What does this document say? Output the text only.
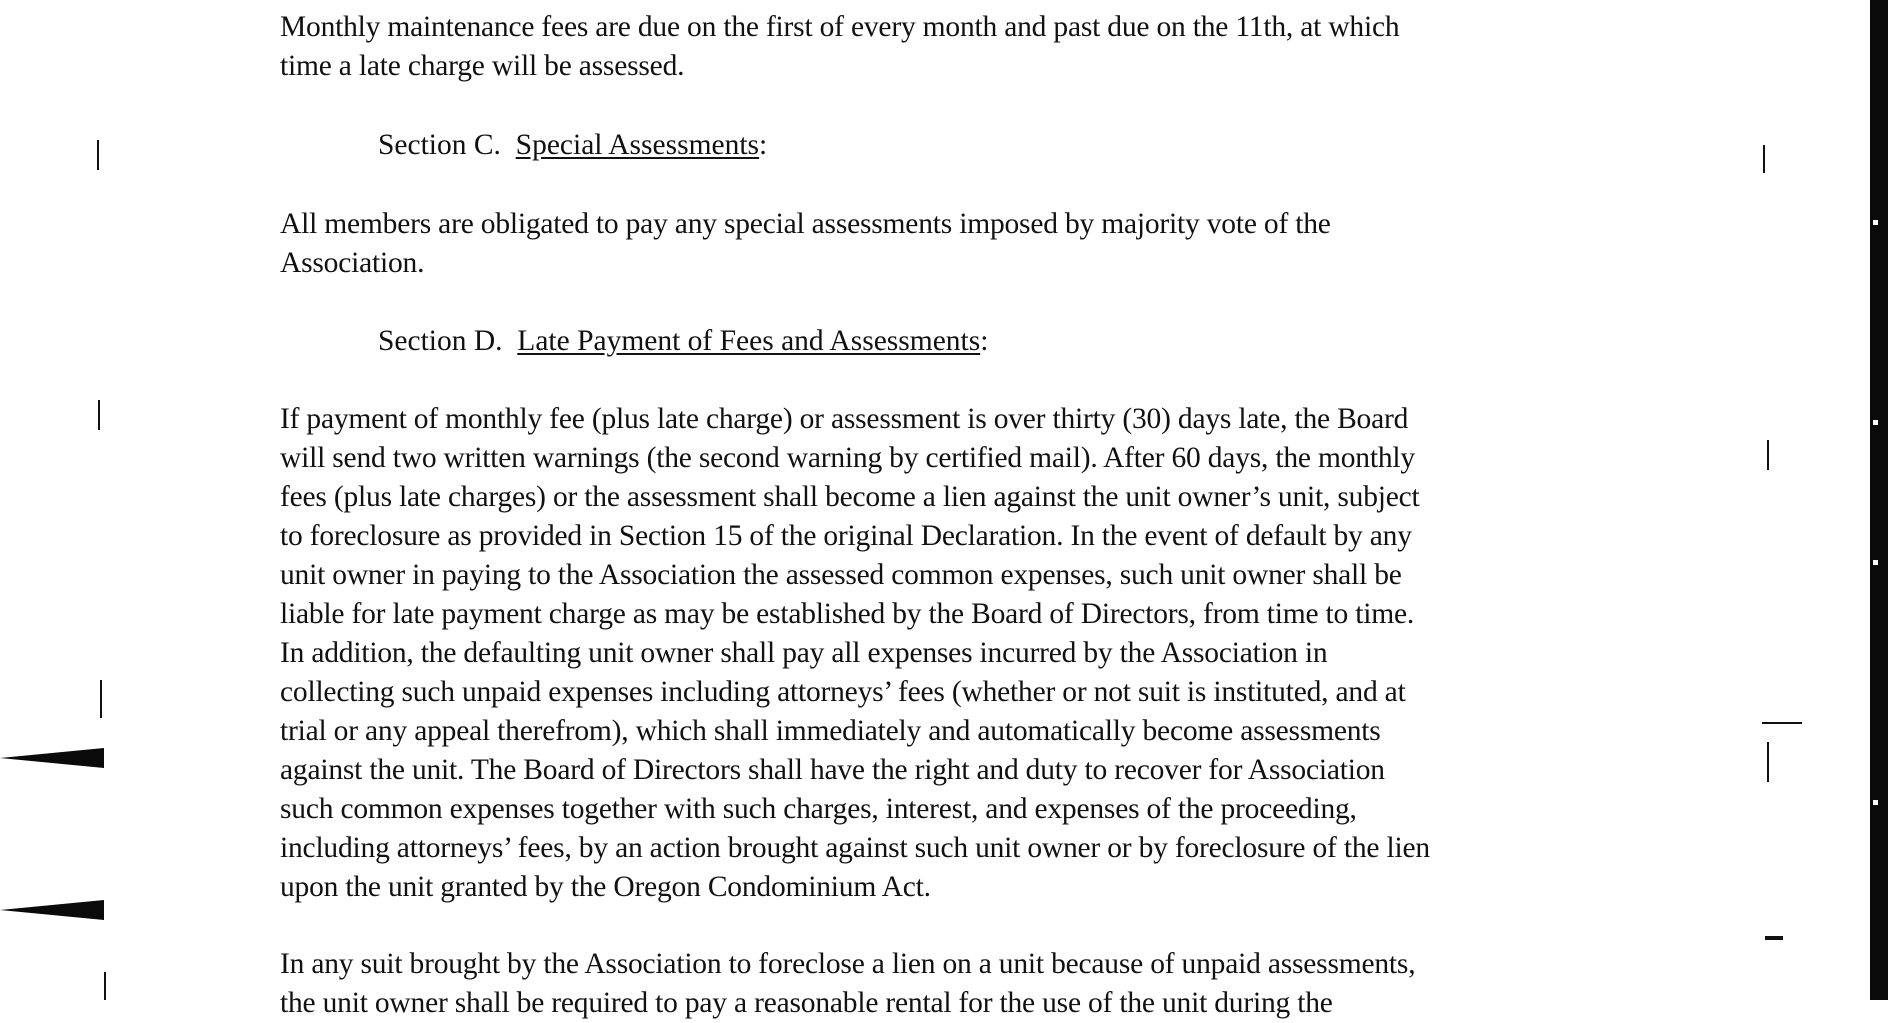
Monthly maintenance fees are due on the first of every month and past due on the 11th, at which
time a late charge will be assessed.
Section C. Special Assessments:
All members are obligated to pay any special assessments imposed by majority vote of the
Association.
Section D. Late Payment of Fees and Assessments:
If payment of monthly fee (plus late charge) or assessment is over thirty (30) days late, the Board
will send two written warnings (the second warning by certified mail). After 60 days, the monthly
fees (plus late charges) or the assessment shall become a lien against the unit owner’s unit, subject
to foreclosure as provided in Section 15 of the original Declaration. In the event of default by any
unit owner in paying to the Association the assessed common expenses, such unit owner shall be
liable for late payment charge as may be established by the Board of Directors, from time to time.
In addition, the defaulting unit owner shall pay all expenses incurred by the Association in
collecting such unpaid expenses including attorneys’ fees (whether or not suit is instituted, and at
trial or any appeal therefrom), which shall immediately and automatically become assessments
against the unit. The Board of Directors shall have the right and duty to recover for Association
such common expenses together with such charges, interest, and expenses of the proceeding,
including attorneys’ fees, by an action brought against such unit owner or by foreclosure of the lien
upon the unit granted by the Oregon Condominium Act.
In any suit brought by the Association to foreclose a lien on a unit because of unpaid assessments,
the unit owner shall be required to pay a reasonable rental for the use of the unit during the
